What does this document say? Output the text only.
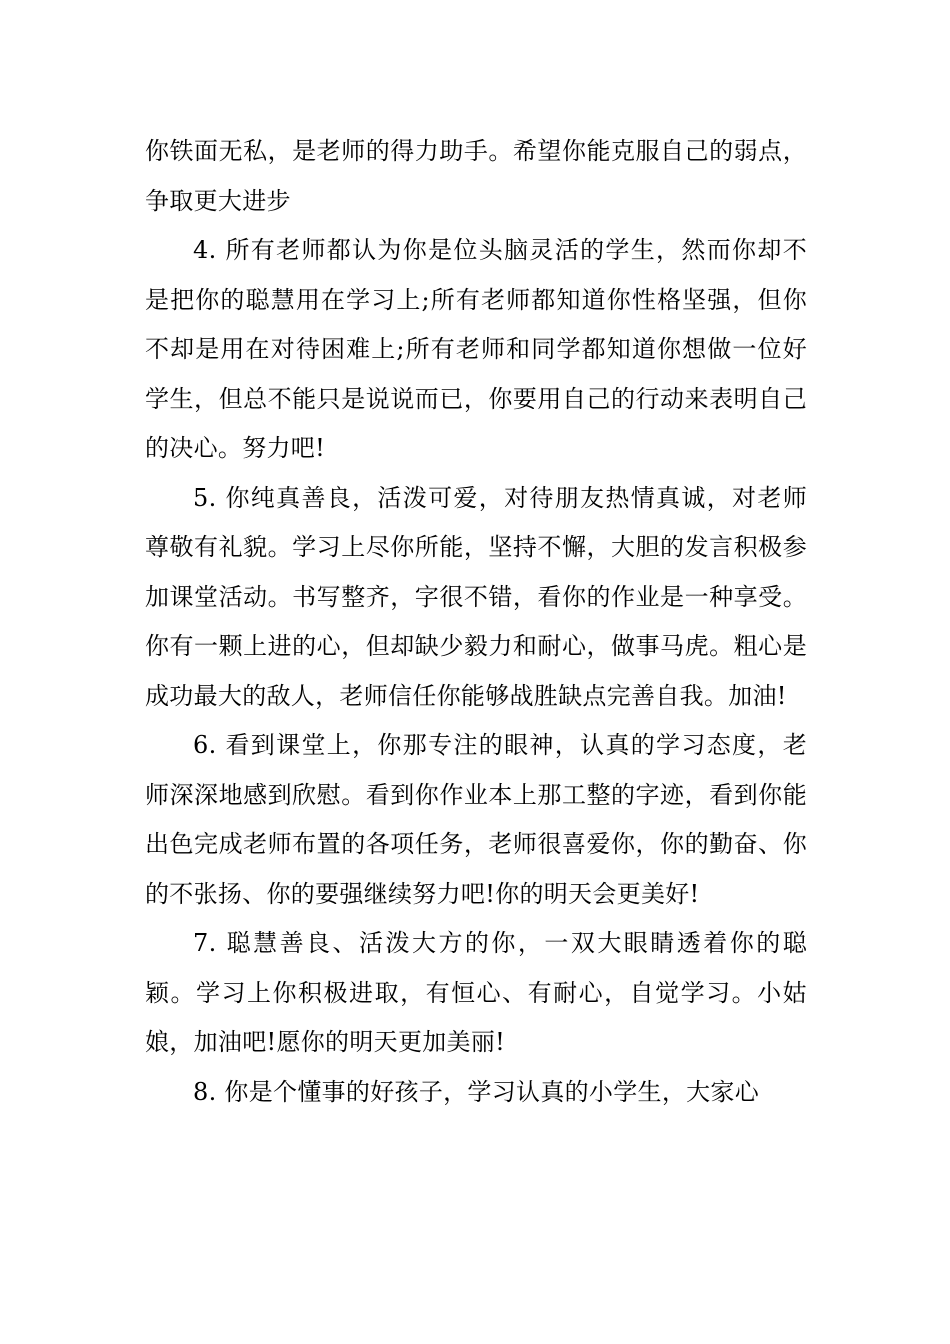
你铁面无私，是老师的得力助手。希望你能克服自己的弱点，争取更大进步

4. 所有老师都认为你是位头脑灵活的学生，然而你却不是把你的聪慧用在学习上;所有老师都知道你性格坚强，但你不却是用在对待困难上;所有老师和同学都知道你想做一位好学生，但总不能只是说说而已，你要用自己的行动来表明自己的决心。努力吧!

5. 你纯真善良，活泼可爱，对待朋友热情真诚，对老师尊敬有礼貌。学习上尽你所能，坚持不懈，大胆的发言积极参加课堂活动。书写整齐，字很不错，看你的作业是一种享受。你有一颗上进的心，但却缺少毅力和耐心，做事马虎。粗心是成功最大的敌人，老师信任你能够战胜缺点完善自我。加油!

6. 看到课堂上，你那专注的眼神，认真的学习态度，老师深深地感到欣慰。看到你作业本上那工整的字迹，看到你能出色完成老师布置的各项任务，老师很喜爱你，你的勤奋、你的不张扬、你的要强继续努力吧!你的明天会更美好!

7. 聪慧善良、活泼大方的你，一双大眼睛透着你的聪颖。学习上你积极进取，有恒心、有耐心，自觉学习。小姑娘，加油吧!愿你的明天更加美丽!

8. 你是个懂事的好孩子，学习认真的小学生，大家心
